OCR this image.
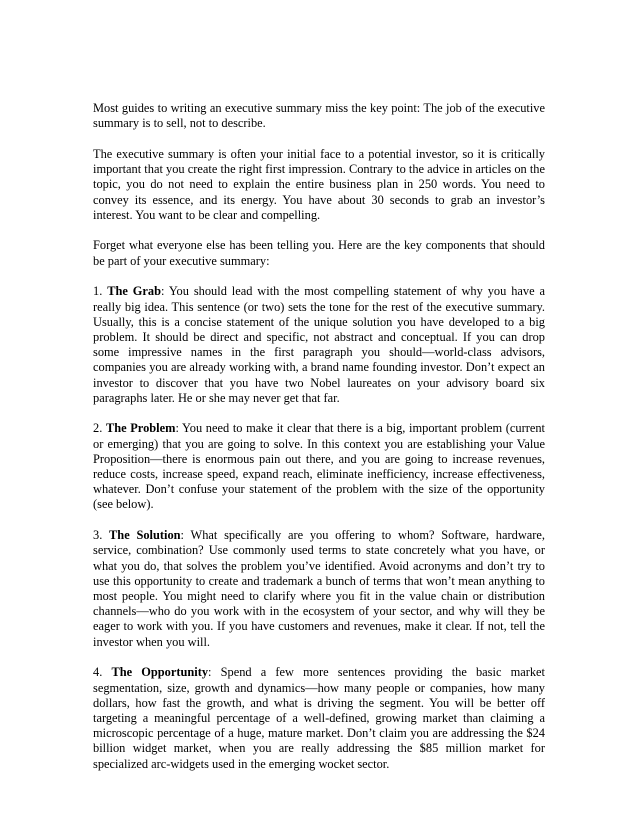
Most guides to writing an executive summary miss the key point: The job of the executive summary is to sell, not to describe.

The executive summary is often your initial face to a potential investor, so it is critically important that you create the right first impression. Contrary to the advice in articles on the topic, you do not need to explain the entire business plan in 250 words. You need to convey its essence, and its energy. You have about 30 seconds to grab an investor’s interest. You want to be clear and compelling.

Forget what everyone else has been telling you. Here are the key components that should be part of your executive summary:

1. The Grab: You should lead with the most compelling statement of why you have a really big idea. This sentence (or two) sets the tone for the rest of the executive summary. Usually, this is a concise statement of the unique solution you have developed to a big problem. It should be direct and specific, not abstract and conceptual. If you can drop some impressive names in the first paragraph you should—world-class advisors, companies you are already working with, a brand name founding investor. Don’t expect an investor to discover that you have two Nobel laureates on your advisory board six paragraphs later. He or she may never get that far.

2. The Problem: You need to make it clear that there is a big, important problem (current or emerging) that you are going to solve. In this context you are establishing your Value Proposition—there is enormous pain out there, and you are going to increase revenues, reduce costs, increase speed, expand reach, eliminate inefficiency, increase effectiveness, whatever. Don’t confuse your statement of the problem with the size of the opportunity (see below).

3. The Solution: What specifically are you offering to whom? Software, hardware, service, combination? Use commonly used terms to state concretely what you have, or what you do, that solves the problem you’ve identified. Avoid acronyms and don’t try to use this opportunity to create and trademark a bunch of terms that won’t mean anything to most people. You might need to clarify where you fit in the value chain or distribution channels—who do you work with in the ecosystem of your sector, and why will they be eager to work with you. If you have customers and revenues, make it clear. If not, tell the investor when you will.

4. The Opportunity: Spend a few more sentences providing the basic market segmentation, size, growth and dynamics—how many people or companies, how many dollars, how fast the growth, and what is driving the segment. You will be better off targeting a meaningful percentage of a well-defined, growing market than claiming a microscopic percentage of a huge, mature market. Don’t claim you are addressing the $24 billion widget market, when you are really addressing the $85 million market for specialized arc-widgets used in the emerging wocket sector.
